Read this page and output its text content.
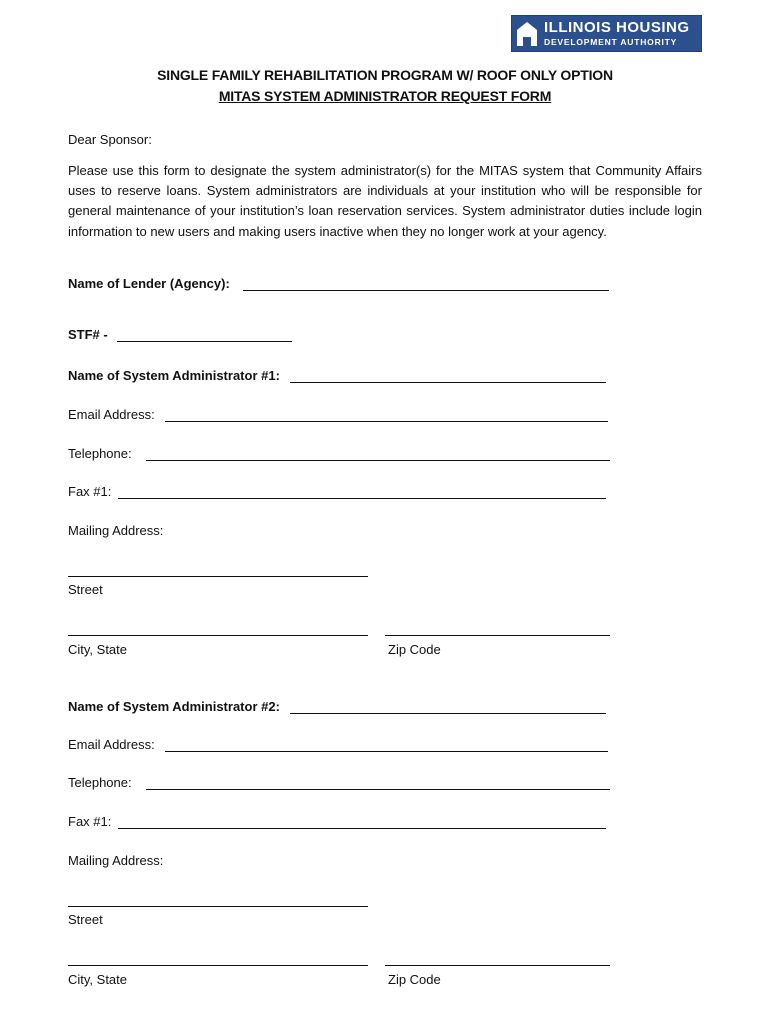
ILLINOIS HOUSING
DEVELOPMENT AUTHORITY
SINGLE FAMILY REHABILITATION PROGRAM W/ ROOF ONLY OPTION
MITAS SYSTEM ADMINISTRATOR REQUEST FORM
Dear Sponsor:
Please use this form to designate the system administrator(s) for the MITAS system that Community Affairs uses to reserve loans. System administrators are individuals at your institution who will be responsible for general maintenance of your institution’s loan reservation services. System administrator duties include login information to new users and making users inactive when they no longer work at your agency.
Name of Lender (Agency):
STF# -
Name of System Administrator #1:
Email Address:
Telephone:
Fax #1:
Mailing Address:
Street
City, State	Zip Code
Name of System Administrator #2:
Email Address:
Telephone:
Fax #1:
Mailing Address:
Street
City, State	Zip Code
